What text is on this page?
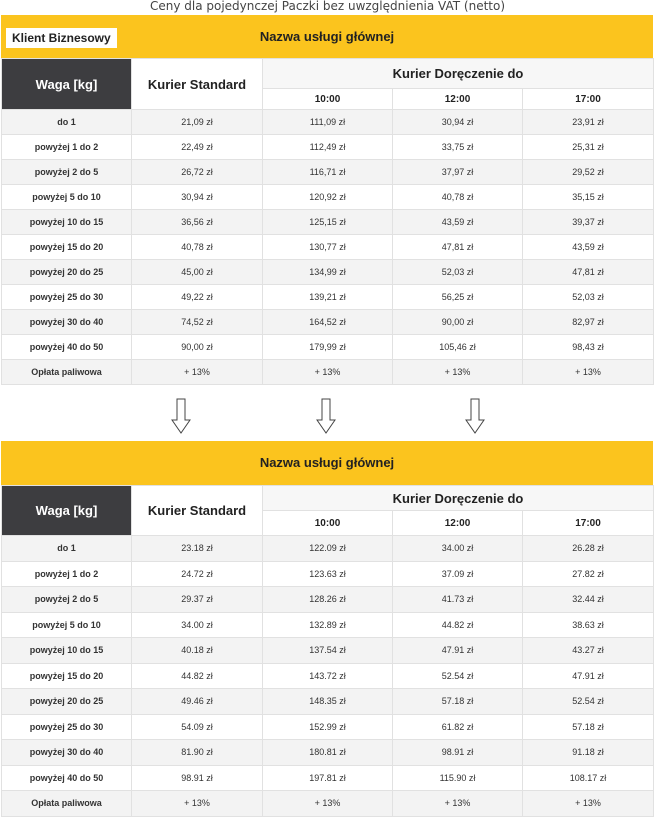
Ceny dla pojedynczej Paczki bez uwzględnienia VAT (netto)
Klient Biznesowy	Nazwa usługi głównej
Waga [kg]	Kurier Standard	Kurier Doręczenie do		
		10:00	12:00	17:00
do 1	21,09 zł	111,09 zł	30,94 zł	23,91 zł
powyżej 1 do 2	22,49 zł	112,49 zł	33,75 zł	25,31 zł
powyżej 2 do 5	26,72 zł	116,71 zł	37,97 zł	29,52 zł
powyżej 5 do 10	30,94 zł	120,92 zł	40,78 zł	35,15 zł
powyżej 10 do 15	36,56 zł	125,15 zł	43,59 zł	39,37 zł
powyżej 15 do 20	40,78 zł	130,77 zł	47,81 zł	43,59 zł
powyżej 20 do 25	45,00 zł	134,99 zł	52,03 zł	47,81 zł
powyżej 25 do 30	49,22 zł	139,21 zł	56,25 zł	52,03 zł
powyżej 30 do 40	74,52 zł	164,52 zł	90,00 zł	82,97 zł
powyżej 40 do 50	90,00 zł	179,99 zł	105,46 zł	98,43 zł
Opłata paliwowa	+ 13%	+ 13%	+ 13%	+ 13%
Nazwa usługi głównej
Waga [kg]	Kurier Standard	Kurier Doręczenie do		
		10:00	12:00	17:00
do 1	23.18 zł	122.09 zł	34.00 zł	26.28 zł
powyżej 1 do 2	24.72 zł	123.63 zł	37.09 zł	27.82 zł
powyżej 2 do 5	29.37 zł	128.26 zł	41.73 zł	32.44 zł
powyżej 5 do 10	34.00 zł	132.89 zł	44.82 zł	38.63 zł
powyżej 10 do 15	40.18 zł	137.54 zł	47.91 zł	43.27 zł
powyżej 15 do 20	44.82 zł	143.72 zł	52.54 zł	47.91 zł
powyżej 20 do 25	49.46 zł	148.35 zł	57.18 zł	52.54 zł
powyżej 25 do 30	54.09 zł	152.99 zł	61.82 zł	57.18 zł
powyżej 30 do 40	81.90 zł	180.81 zł	98.91 zł	91.18 zł
powyżej 40 do 50	98.91 zł	197.81 zł	115.90 zł	108.17 zł
Opłata paliwowa	+ 13%	+ 13%	+ 13%	+ 13%
